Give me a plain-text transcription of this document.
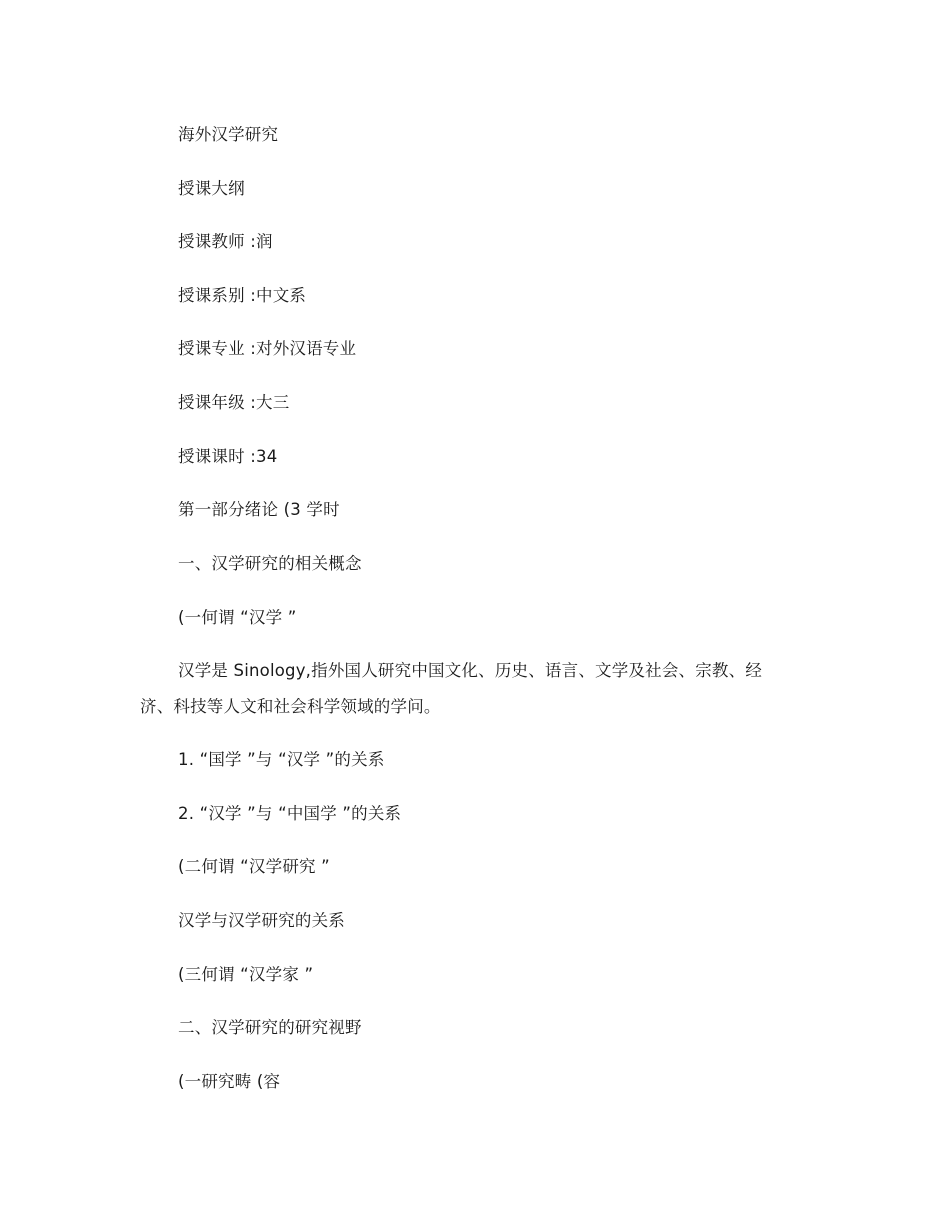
海外汉学研究
授课大纲
授课教师 :润
授课系别 :中文系
授课专业 :对外汉语专业
授课年级 :大三
授课课时 :34
第一部分绪论 (3 学时
一、汉学研究的相关概念
(一何谓 “汉学 ”
汉学是 Sinology,指外国人研究中国文化、历史、语言、文学及社会、宗教、经济、科技等人文和社会科学领域的学问。
1. “国学 ”与 “汉学 ”的关系
2. “汉学 ”与 “中国学 ”的关系
(二何谓 “汉学研究 ”
汉学与汉学研究的关系
(三何谓 “汉学家 ”
二、汉学研究的研究视野
(一研究畴 (容
